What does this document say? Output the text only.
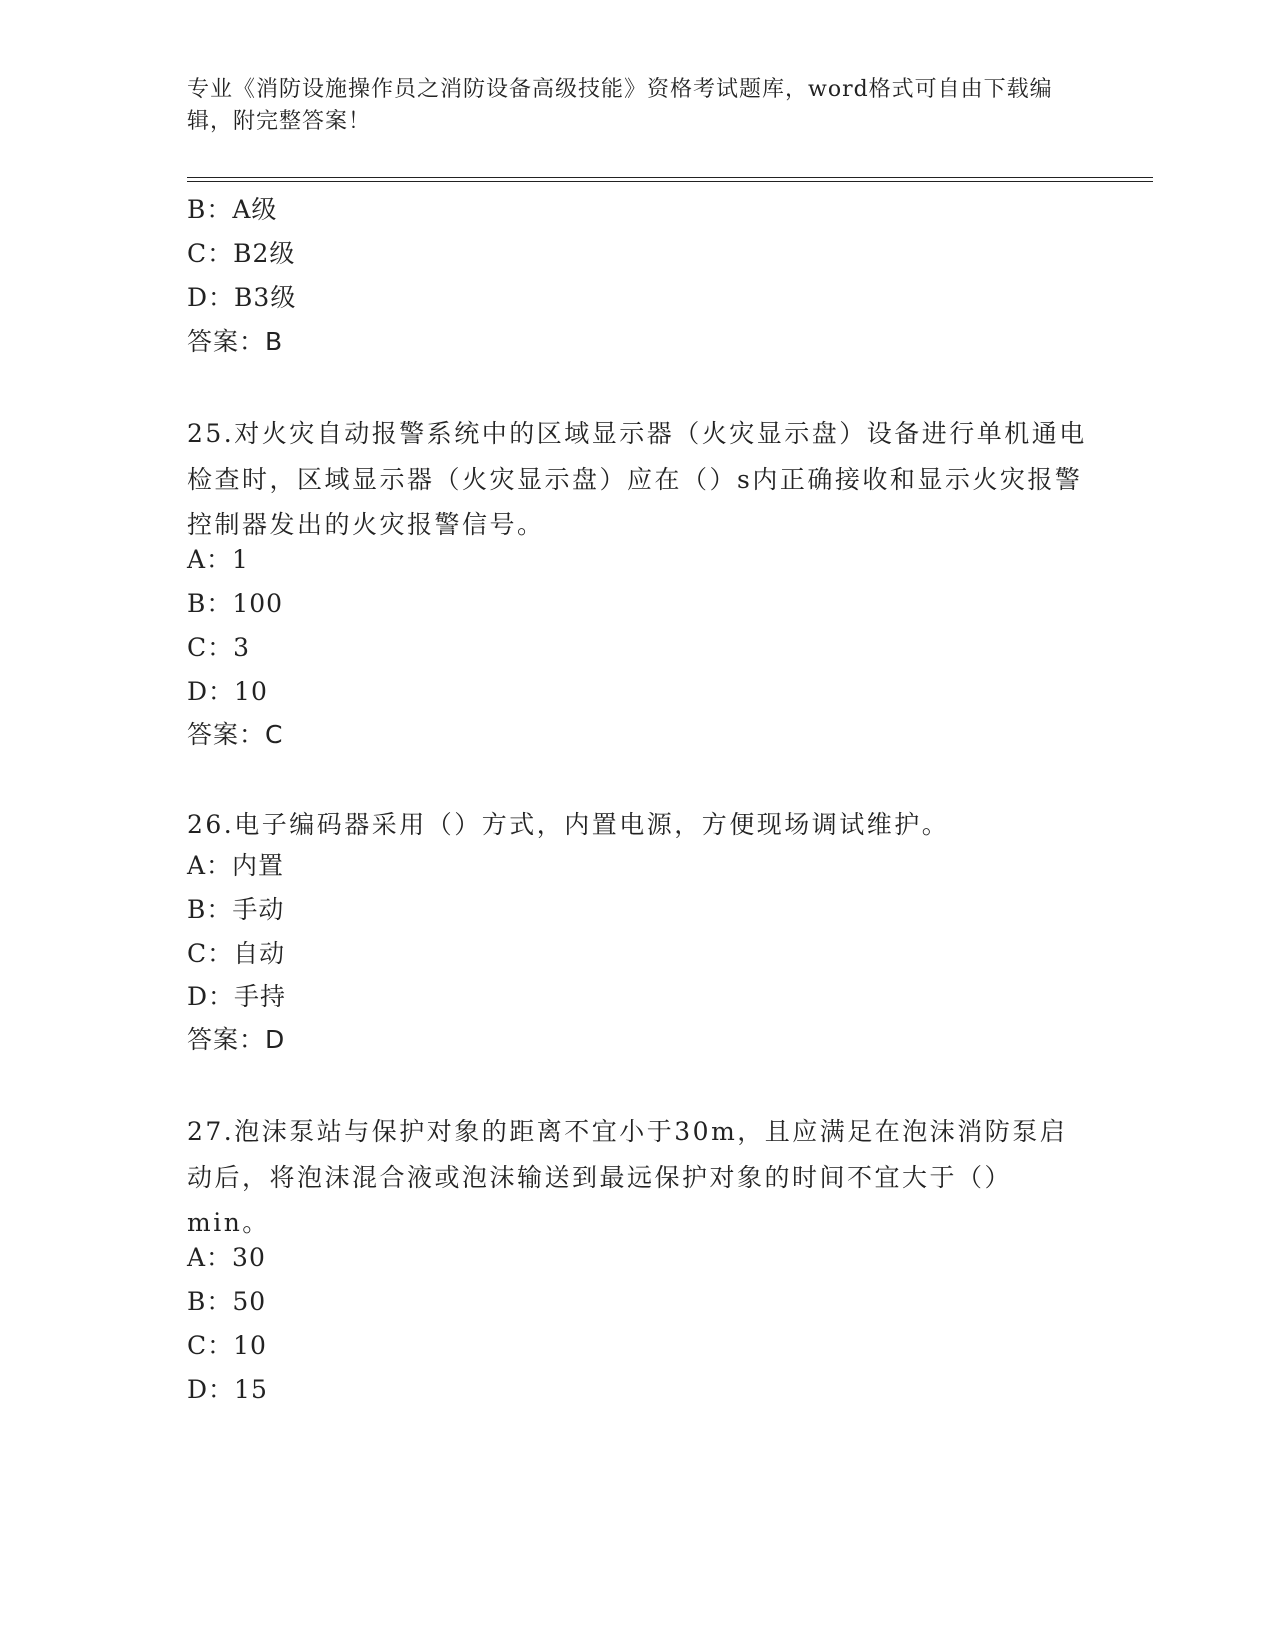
专业《消防设施操作员之消防设备高级技能》资格考试题库，word格式可自由下载编辑，附完整答案！
B：A级
C：B2级
D：B3级
答案：B
25.对火灾自动报警系统中的区域显示器（火灾显示盘）设备进行单机通电检查时，区域显示器（火灾显示盘）应在（）s内正确接收和显示火灾报警控制器发出的火灾报警信号。
A：1
B：100
C：3
D：10
答案：C
26.电子编码器采用（）方式，内置电源，方便现场调试维护。
A：内置
B：手动
C：自动
D：手持
答案：D
27.泡沫泵站与保护对象的距离不宜小于30m，且应满足在泡沫消防泵启动后，将泡沫混合液或泡沫输送到最远保护对象的时间不宜大于（）min。
A：30
B：50
C：10
D：15
